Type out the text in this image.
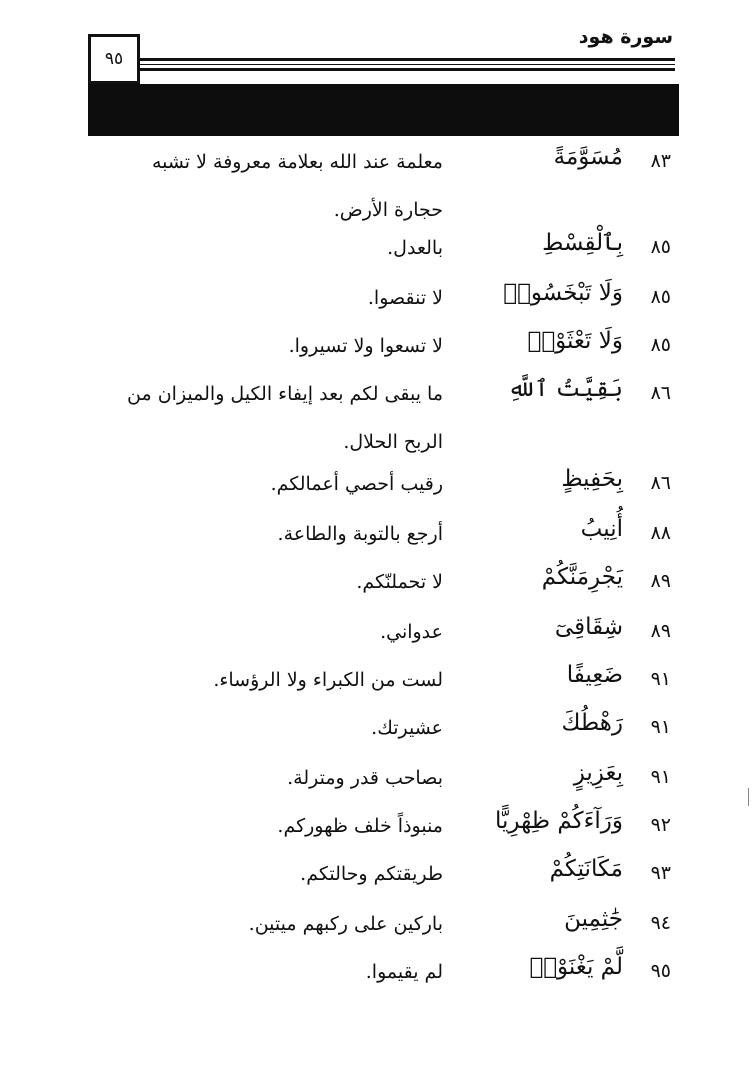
سورة هود
٩٥
٨٣
مُسَوَّمَةً
معلمة عند الله بعلامة معروفة لا تشبه حجارة الأرض.
٨٥
بِٱلْقِسْطِ
بالعدل.
٨٥
وَلَا تَبْخَسُوا۟
لا تنقصوا.
٨٥
وَلَا تَعْثَوْا۟
لا تسعوا ولا تسيروا.
٨٦
بَقِيَّتُ ٱللَّهِ
ما يبقى لكم بعد إيفاء الكيل والميزان من الربح الحلال.
٨٦
بِحَفِيظٍ
رقيب أحصي أعمالكم.
٨٨
أُنِيبُ
أرجع بالتوبة والطاعة.
٨٩
يَجْرِمَنَّكُمْ
لا تحملنّكم.
٨٩
شِقَاقِىٓ
عدواني.
٩١
ضَعِيفًا
لست من الكبراء ولا الرؤساء.
٩١
رَهْطُكَ
عشيرتك.
٩١
بِعَزِيزٍ
بصاحب قدر ومترلة.
٩٢
وَرَآءَكُمْ ظِهْرِيًّا
منبوذاً خلف ظهوركم.
٩٣
مَكَانَتِكُمْ
طريقتكم وحالتكم.
٩٤
جَٰثِمِينَ
باركين على ركبهم ميتين.
٩٥
لَّمْ يَغْنَوْا۟
لم يقيموا.
